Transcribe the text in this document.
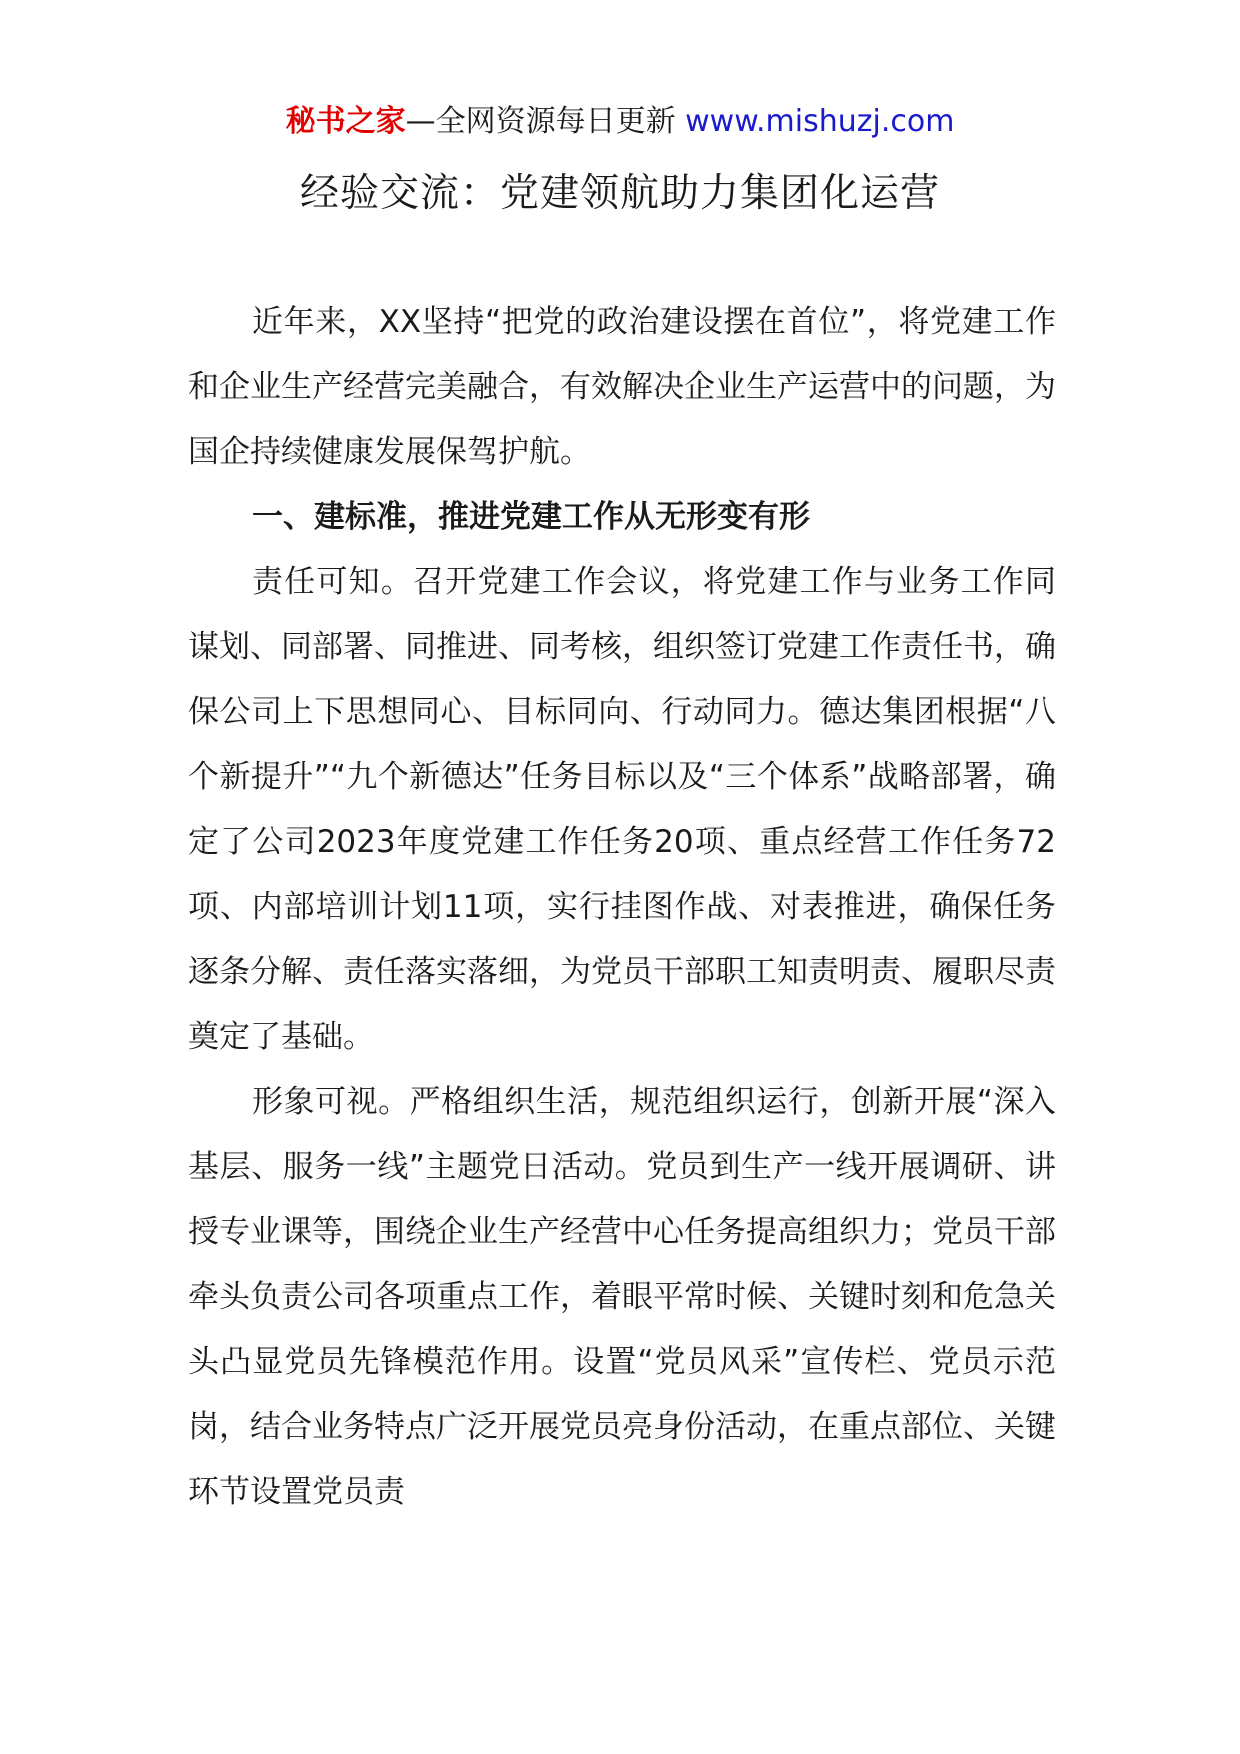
秘书之家—全网资源每日更新 www.mishuzj.com
经验交流：党建领航助力集团化运营

近年来，XX坚持“把党的政治建设摆在首位”，将党建工作和企业生产经营完美融合，有效解决企业生产运营中的问题，为国企持续健康发展保驾护航。

一、建标准，推进党建工作从无形变有形

责任可知。召开党建工作会议，将党建工作与业务工作同谋划、同部署、同推进、同考核，组织签订党建工作责任书，确保公司上下思想同心、目标同向、行动同力。德达集团根据“八个新提升”“九个新德达”任务目标以及“三个体系”战略部署，确定了公司2023年度党建工作任务20项、重点经营工作任务72项、内部培训计划11项，实行挂图作战、对表推进，确保任务逐条分解、责任落实落细，为党员干部职工知责明责、履职尽责奠定了基础。

形象可视。严格组织生活，规范组织运行，创新开展“深入基层、服务一线”主题党日活动。党员到生产一线开展调研、讲授专业课等，围绕企业生产经营中心任务提高组织力；党员干部牵头负责公司各项重点工作，着眼平常时候、关键时刻和危急关头凸显党员先锋模范作用。设置“党员风采”宣传栏、党员示范岗，结合业务特点广泛开展党员亮身份活动，在重点部位、关键环节设置党员责
